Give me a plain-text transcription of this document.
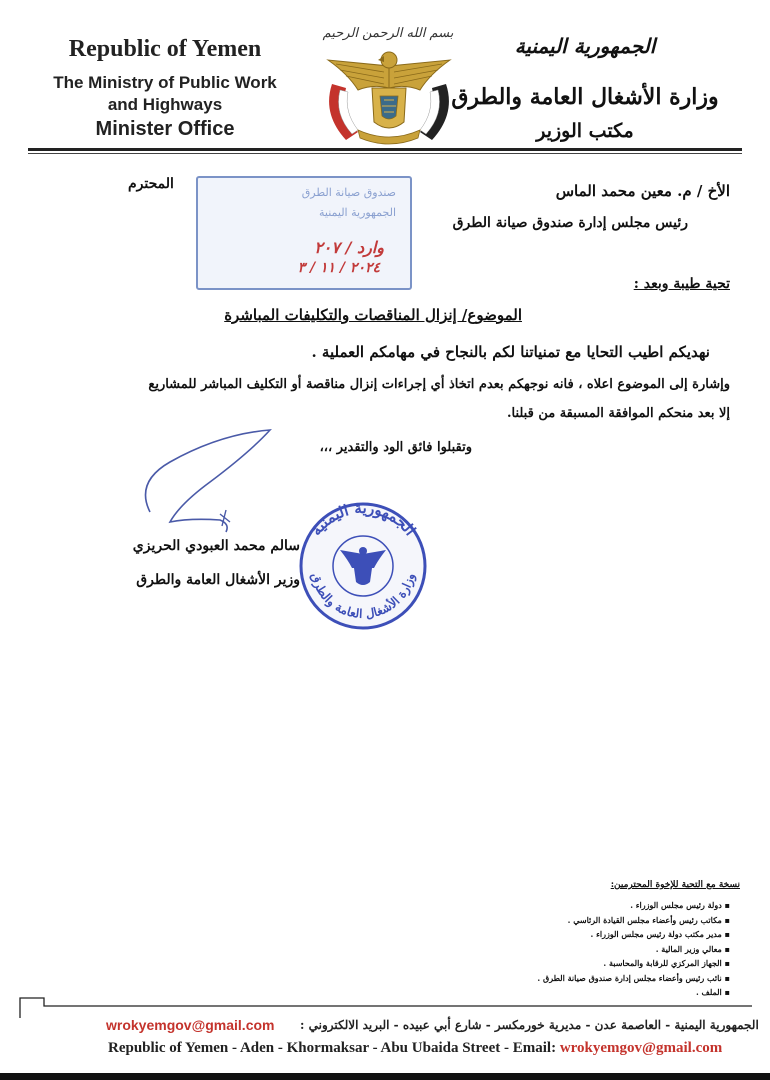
Republic of Yemen
The Ministry of Public Work
and Highways
Minister Office
بسم الله الرحمن الرحيم
الجمهورية اليمنية
وزارة الأشغال العامة والطرق
مكتب الوزير
الأخ / م. معين محمد الماس
المحترم
رئيس مجلس إدارة صندوق صيانة الطرق
صندوق صيانة الطرق
الجمهورية اليمنية
وارد / ٢٠٧
٢٠٢٤ / ١١ / ٣
تحية طيبة وبعد :
الموضوع/ إنزال المناقصات والتكليفات المباشرة
نهديكم اطيب التحايا مع تمنياتنا لكم بالنجاح في مهامكم العملية .
وإشارة إلى الموضوع اعلاه ، فانه نوجهكم بعدم اتخاذ أي إجراءات إنزال مناقصة أو التكليف المباشر للمشاريع
إلا بعد منحكم الموافقة المسبقة من قبلنا.
وتقبلوا فائق الود والتقدير ،،،
سالم محمد العبودي الحريزي
وزير الأشغال العامة والطرق
الجمهورية اليمنية
وزارة الأشغال العامة والطرق
نسخة مع التحية للإخوة المحترمين:
▪ دولة رئيس مجلس الوزراء .
▪ مكاتب رئيس وأعضاء مجلس القيادة الرئاسي .
▪ مدير مكتب دولة رئيس مجلس الوزراء .
▪ معالي وزير المالية .
▪ الجهاز المركزي للرقابة والمحاسبة .
▪ نائب رئيس وأعضاء مجلس إدارة صندوق صيانة الطرق .
▪ الملف .
wrokyemgov@gmail.com الجمهورية اليمنية - العاصمة عدن - مديرية خورمكسر - شارع أبي عبيده - البريد الالكتروني :
Republic of Yemen - Aden - Khormaksar - Abu Ubaida Street - Email: wrokyemgov@gmail.com
